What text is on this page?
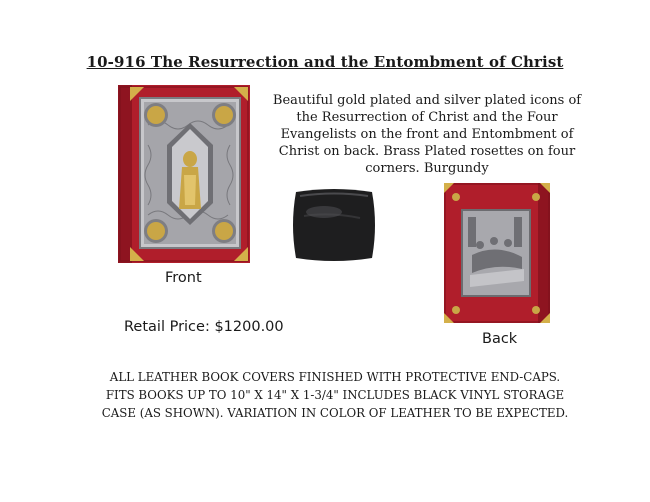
10-916 The Resurrection and the Entombment of Christ
Beautiful gold plated and silver plated icons of the Resurrection of Christ and the Four Evangelists on the front and Entombment of Christ on back. Brass Plated rosettes on four corners. Burgundy
Front
Back
Retail Price: $1200.00
ALL LEATHER BOOK COVERS FINISHED WITH PROTECTIVE END-CAPS. FITS BOOKS UP TO 10" X 14" X 1-3/4" INCLUDES BLACK VINYL STORAGE CASE (AS SHOWN). VARIATION IN COLOR OF LEATHER TO BE EXPECTED.
